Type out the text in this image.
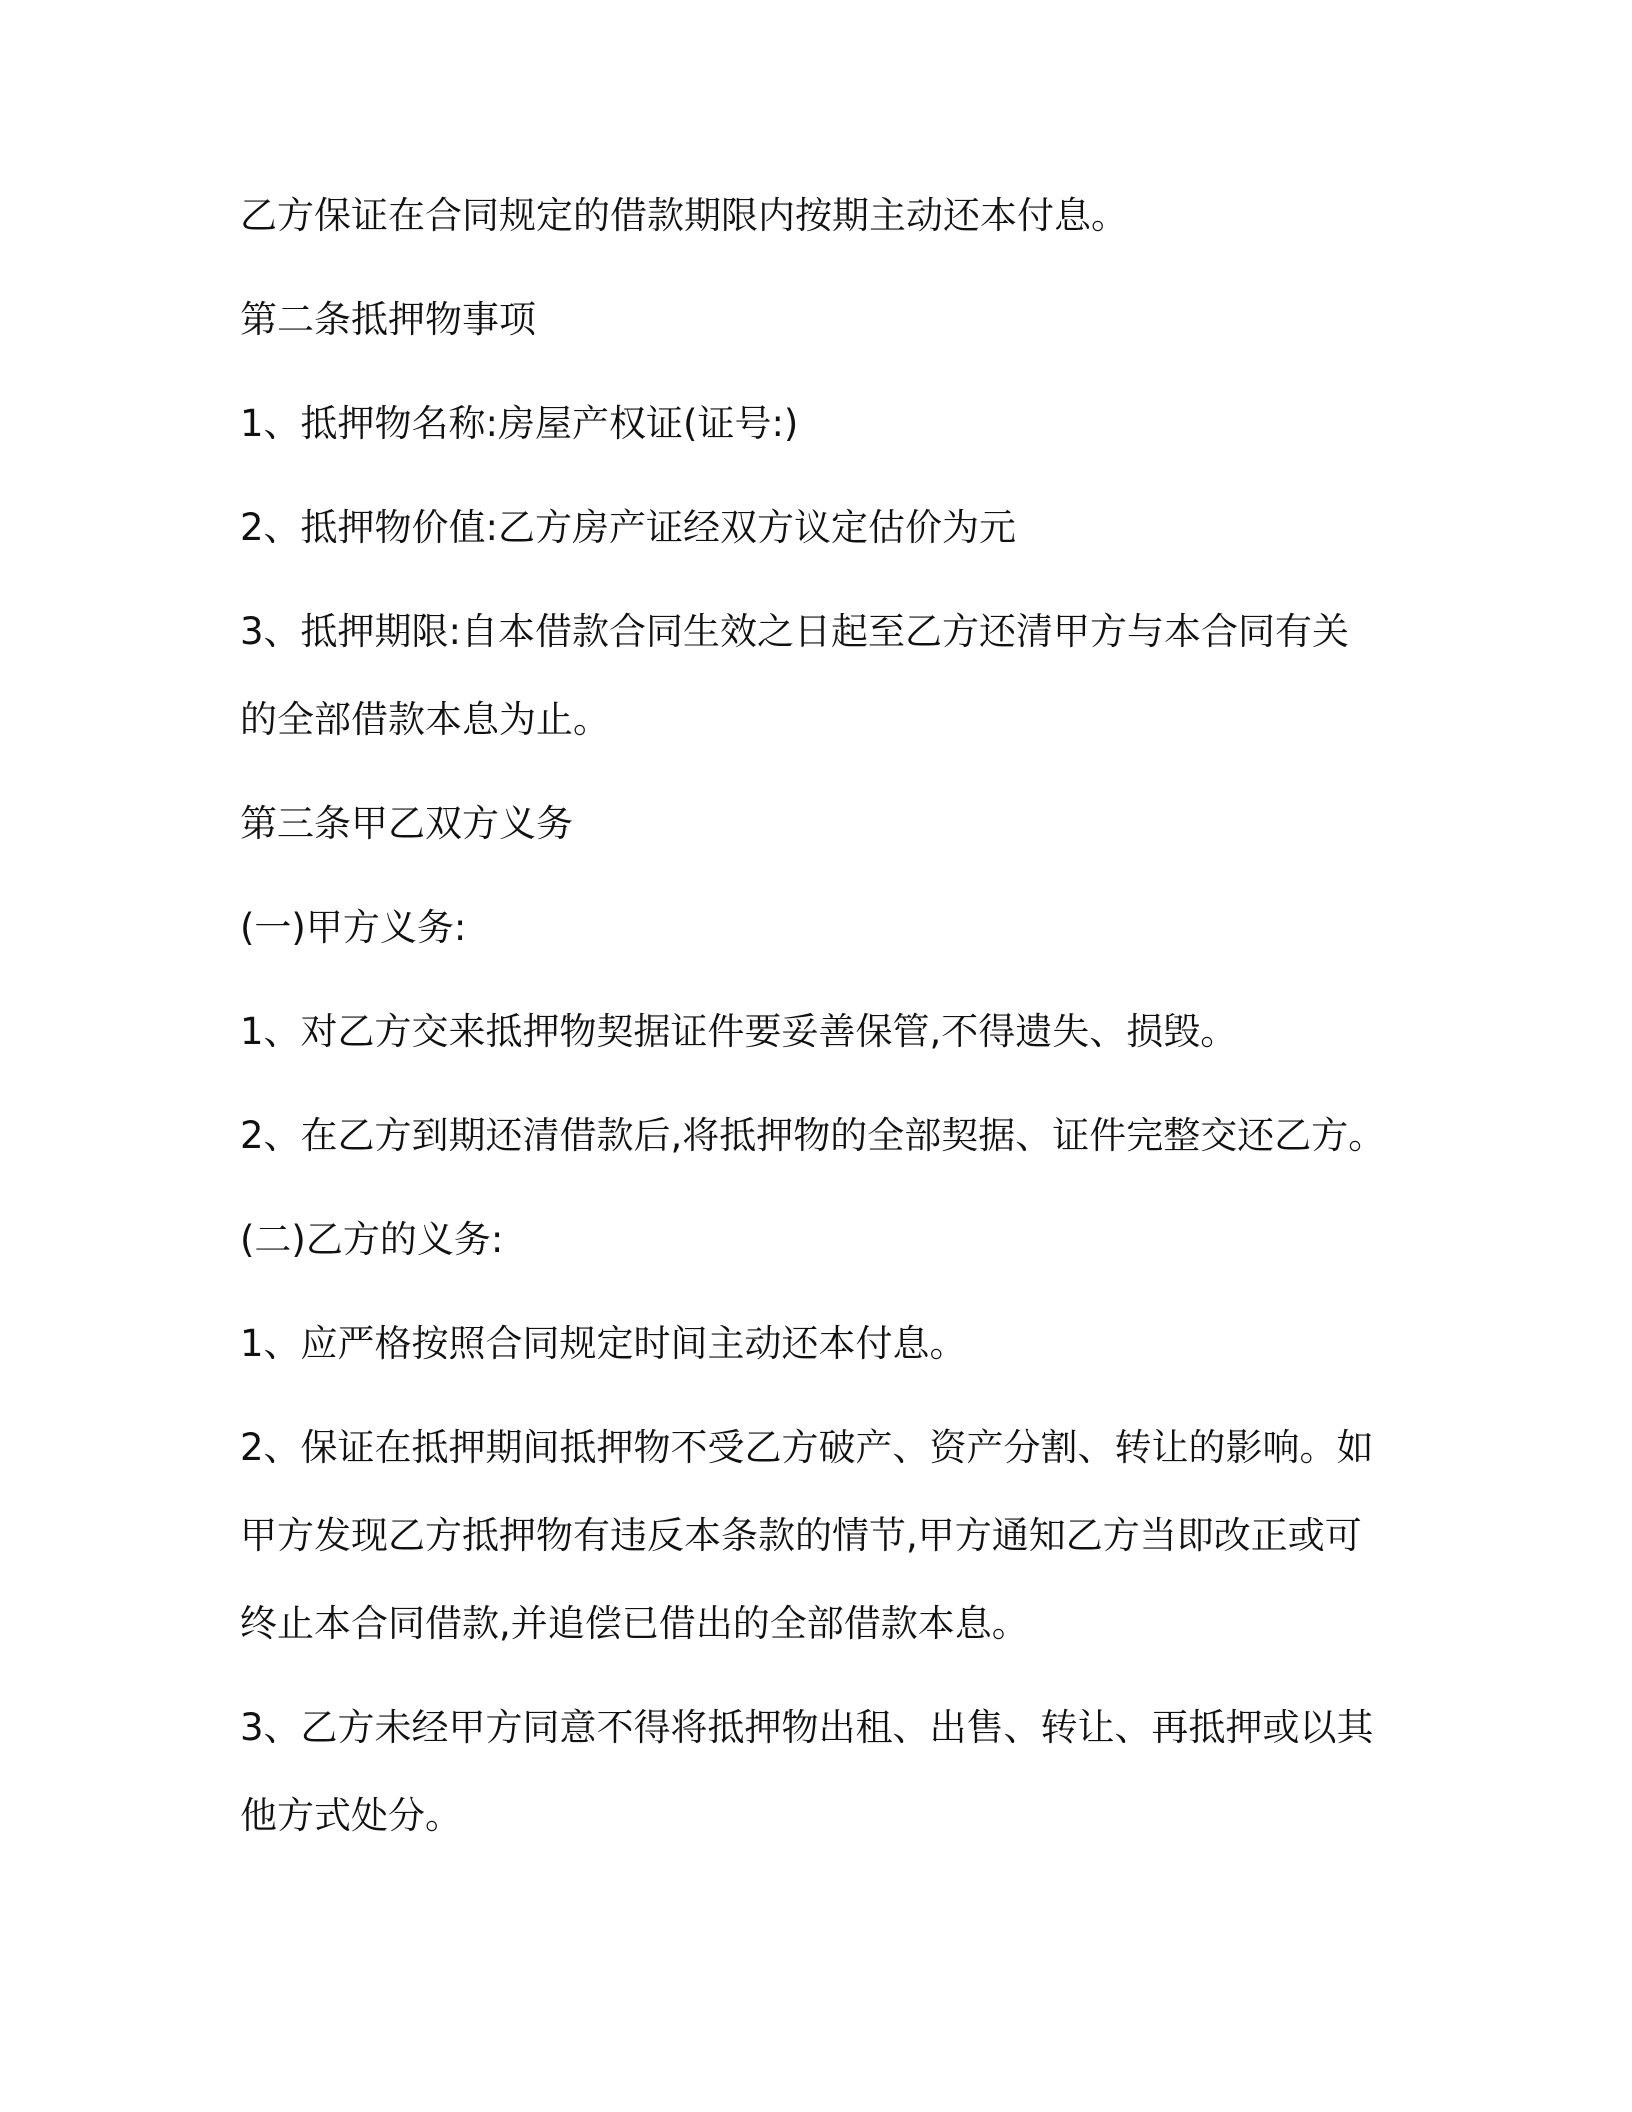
乙方保证在合同规定的借款期限内按期主动还本付息。

第二条抵押物事项

1、抵押物名称:房屋产权证(证号:)

2、抵押物价值:乙方房产证经双方议定估价为元

3、抵押期限:自本借款合同生效之日起至乙方还清甲方与本合同有关
的全部借款本息为止。

第三条甲乙双方义务

(一)甲方义务:

1、对乙方交来抵押物契据证件要妥善保管,不得遗失、损毁。

2、在乙方到期还清借款后,将抵押物的全部契据、证件完整交还乙方。

(二)乙方的义务:

1、应严格按照合同规定时间主动还本付息。

2、保证在抵押期间抵押物不受乙方破产、资产分割、转让的影响。如
甲方发现乙方抵押物有违反本条款的情节,甲方通知乙方当即改正或可
终止本合同借款,并追偿已借出的全部借款本息。

3、乙方未经甲方同意不得将抵押物出租、出售、转让、再抵押或以其
他方式处分。
